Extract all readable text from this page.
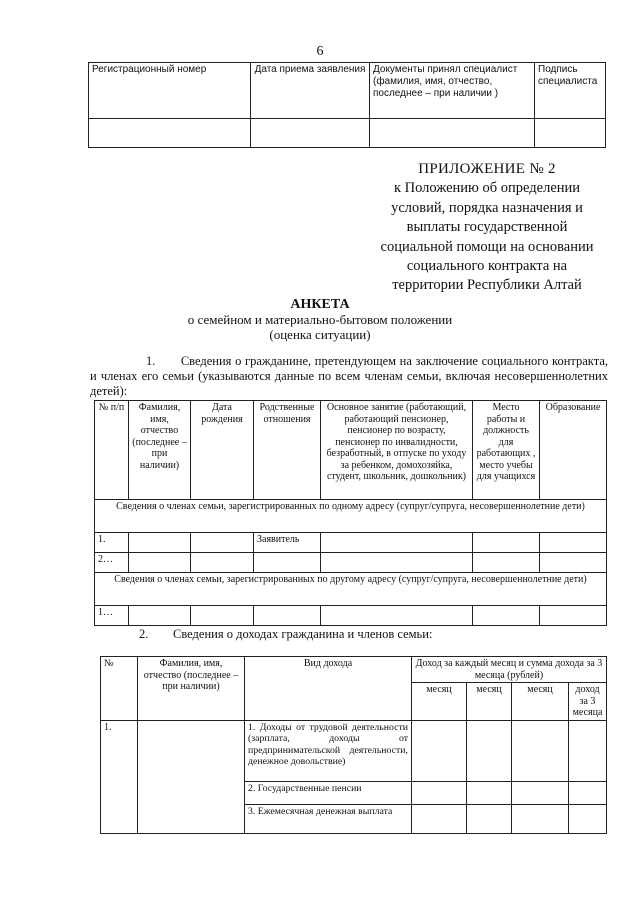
6
Регистрационный номер	Дата приема заявления	Документы принял специалист (фамилия, имя, отчество, последнее – при наличии )	Подпись специалиста

ПРИЛОЖЕНИЕ № 2
к Положению об определении
условий, порядка назначения и
выплаты государственной
социальной помощи на основании
социального контракта на
территории Республики Алтай
АНКЕТА
о семейном и материально-бытовом положении
(оценка ситуации)
1. Сведения о гражданине, претендующем на заключение социального контракта, и членах его семьи (указываются данные по всем членам семьи, включая несовершеннолетних детей):
№ п/п	Фамилия, имя, отчество (последнее – при наличии)	Дата рождения	Родственные отношения	Основное занятие (работающий, работающий пенсионер, пенсионер по возрасту, пенсионер по инвалидности, безработный, в отпуске по уходу за ребенком, домохозяйка, студент, школьник, дошкольник)	Место работы и должность для работающих , место учебы для учащихся	Образование
Сведения о членах семьи, зарегистрированных по одному адресу (супруг/супруга, несовершеннолетние дети)						
1.			Заявитель			
2…						
Сведения о членах семьи, зарегистрированных по другому адресу (супруг/супруга, несовершеннолетние дети)						
1…						
2. Сведения о доходах гражданина и членов семьи:
№	Фамилия, имя, отчество (последнее – при наличии)	Вид дохода	Доход за каждый месяц и сумма дохода за 3 месяца (рублей)			
			месяц	месяц	месяц	доход за 3 месяца
1.		1. Доходы от трудовой деятельности (зарплата, доходы от предпринимательской деятельности, денежное довольствие)				
		2. Государственные пенсии				
		3. Ежемесячная денежная выплата				
